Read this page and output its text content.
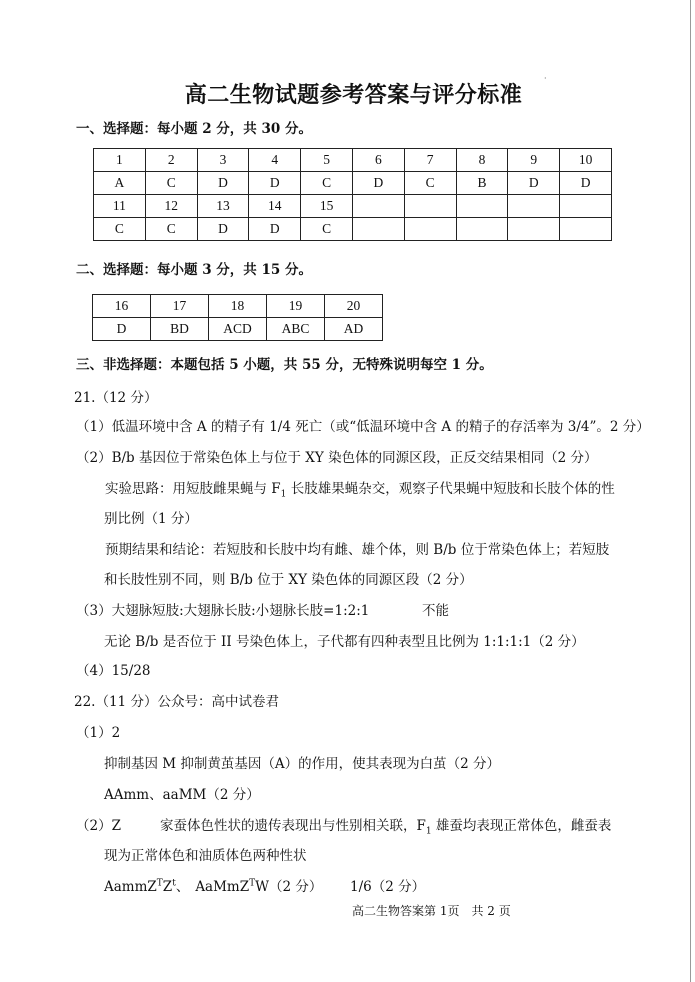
·
高二生物试题参考答案与评分标准
一、选择题：每小题 2 分，共 30 分。
1	2	3	4	5	6	7	8	9	10
A	C	D	D	C	D	C	B	D	D
11	12	13	14	15					
C	C	D	D	C					
二、选择题：每小题 3 分，共 15 分。
16	17	18	19	20
D	BD	ACD	ABC	AD
三、非选择题：本题包括 5 小题，共 55 分，无特殊说明每空 1 分。
21.（12 分）
（1）低温环境中含 A 的精子有 1/4 死亡（或“低温环境中含 A 的精子的存活率为 3/4”。2 分）
（2）B/b 基因位于常染色体上与位于 XY 染色体的同源区段，正反交结果相同（2 分）
实验思路：用短肢雌果蝇与 $F_1$ 长肢雄果蝇杂交，观察子代果蝇中短肢和长肢个体的性
别比例（1 分）
预期结果和结论：若短肢和长肢中均有雌、雄个体，则 B/b 位于常染色体上；若短肢
和长肢性别不同，则 B/b 位于 XY 染色体的同源区段（2 分）
（3）大翅脉短肢:大翅脉长肢:小翅脉长肢=1:2:1	不能
无论 B/b 是否位于 II 号染色体上，子代都有四种表型且比例为 1:1:1:1（2 分）
（4）15/28
22.（11 分）公众号：高中试卷君
（1）2
抑制基因 M 抑制黄茧基因（A）的作用，使其表现为白茧（2 分）
AAmm、aaMM（2 分）
（2）Z	家蚕体色性状的遗传表现出与性别相关联，$F_1$ 雄蚕均表现正常体色，雌蚕表
现为正常体色和油质体色两种性状
$AammZ^TZ^t$、 AaMmZ$^T$W（2 分） 1/6（2 分）
高二生物答案第 1页　共 2 页
